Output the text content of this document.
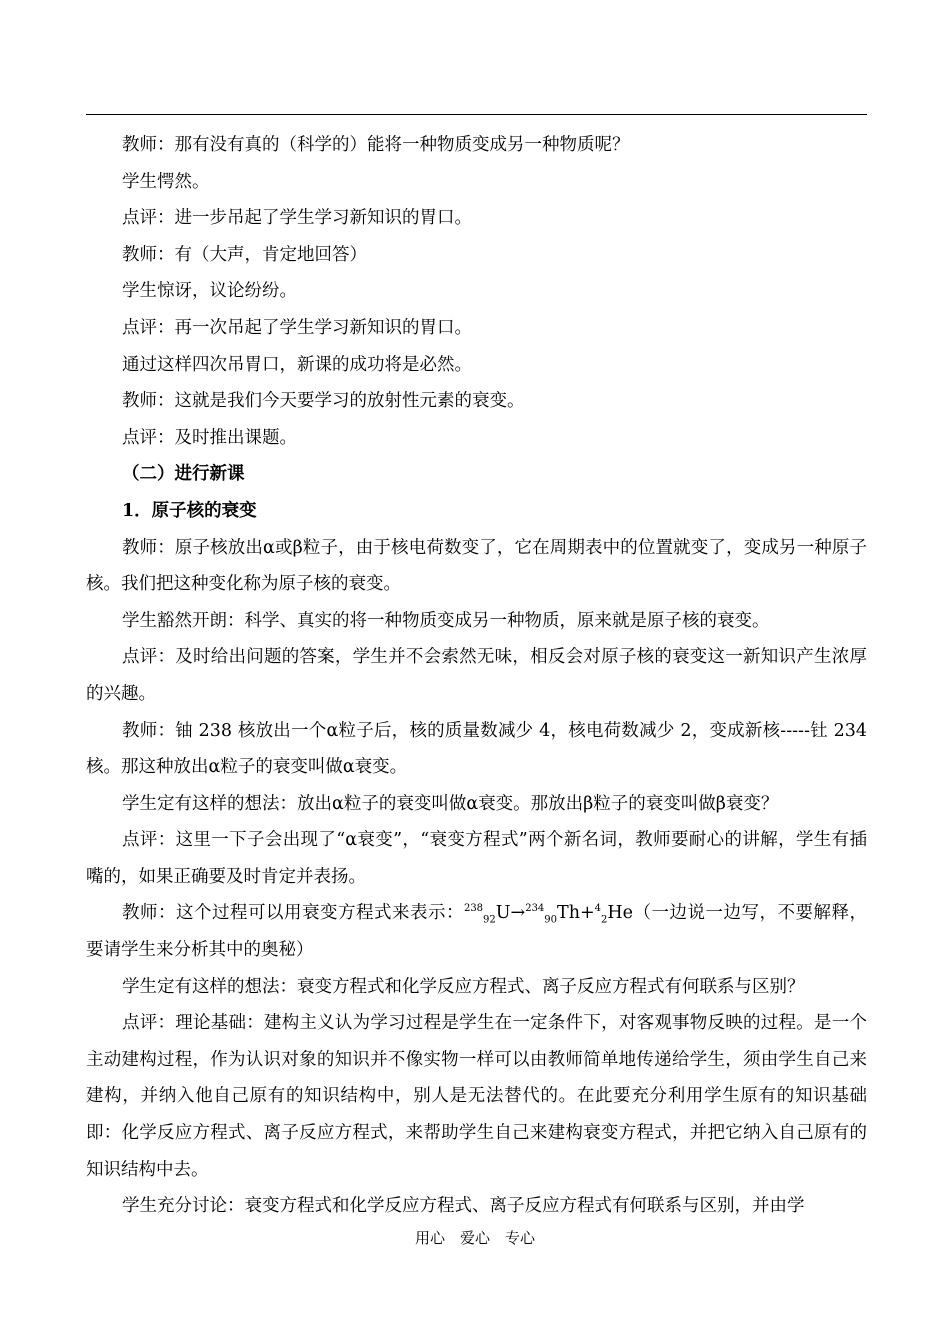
教师：那有没有真的（科学的）能将一种物质变成另一种物质呢？

学生愕然。

点评：进一步吊起了学生学习新知识的胃口。

教师：有（大声，肯定地回答）

学生惊讶，议论纷纷。

点评：再一次吊起了学生学习新知识的胃口。

通过这样四次吊胃口，新课的成功将是必然。

教师：这就是我们今天要学习的放射性元素的衰变。

点评：及时推出课题。

（二）进行新课

1．原子核的衰变

教师：原子核放出α或β粒子，由于核电荷数变了，它在周期表中的位置就变了，变成另一种原子核。我们把这种变化称为原子核的衰变。

学生豁然开朗：科学、真实的将一种物质变成另一种物质，原来就是原子核的衰变。

点评：及时给出问题的答案，学生并不会索然无味，相反会对原子核的衰变这一新知识产生浓厚的兴趣。

教师：铀 238 核放出一个α粒子后，核的质量数减少 4，核电荷数减少 2，变成新核-----钍 234 核。那这种放出α粒子的衰变叫做α衰变。

学生定有这样的想法：放出α粒子的衰变叫做α衰变。那放出β粒子的衰变叫做β衰变？

点评：这里一下子会出现了“α衰变”，“衰变方程式”两个新名词，教师要耐心的讲解，学生有插嘴的，如果正确要及时肯定并表扬。

教师：这个过程可以用衰变方程式来表示：$^{238}_{92}$U→$^{234}_{90}$Th+$^4_2$He（一边说一边写，不要解释，要请学生来分析其中的奥秘）

学生定有这样的想法：衰变方程式和化学反应方程式、离子反应方程式有何联系与区别？

点评：理论基础：建构主义认为学习过程是学生在一定条件下，对客观事物反映的过程。是一个主动建构过程，作为认识对象的知识并不像实物一样可以由教师简单地传递给学生，须由学生自己来建构，并纳入他自己原有的知识结构中，别人是无法替代的。在此要充分利用学生原有的知识基础即：化学反应方程式、离子反应方程式，来帮助学生自己来建构衰变方程式，并把它纳入自己原有的知识结构中去。

学生充分讨论：衰变方程式和化学反应方程式、离子反应方程式有何联系与区别，并由学

用心　爱心　专心
